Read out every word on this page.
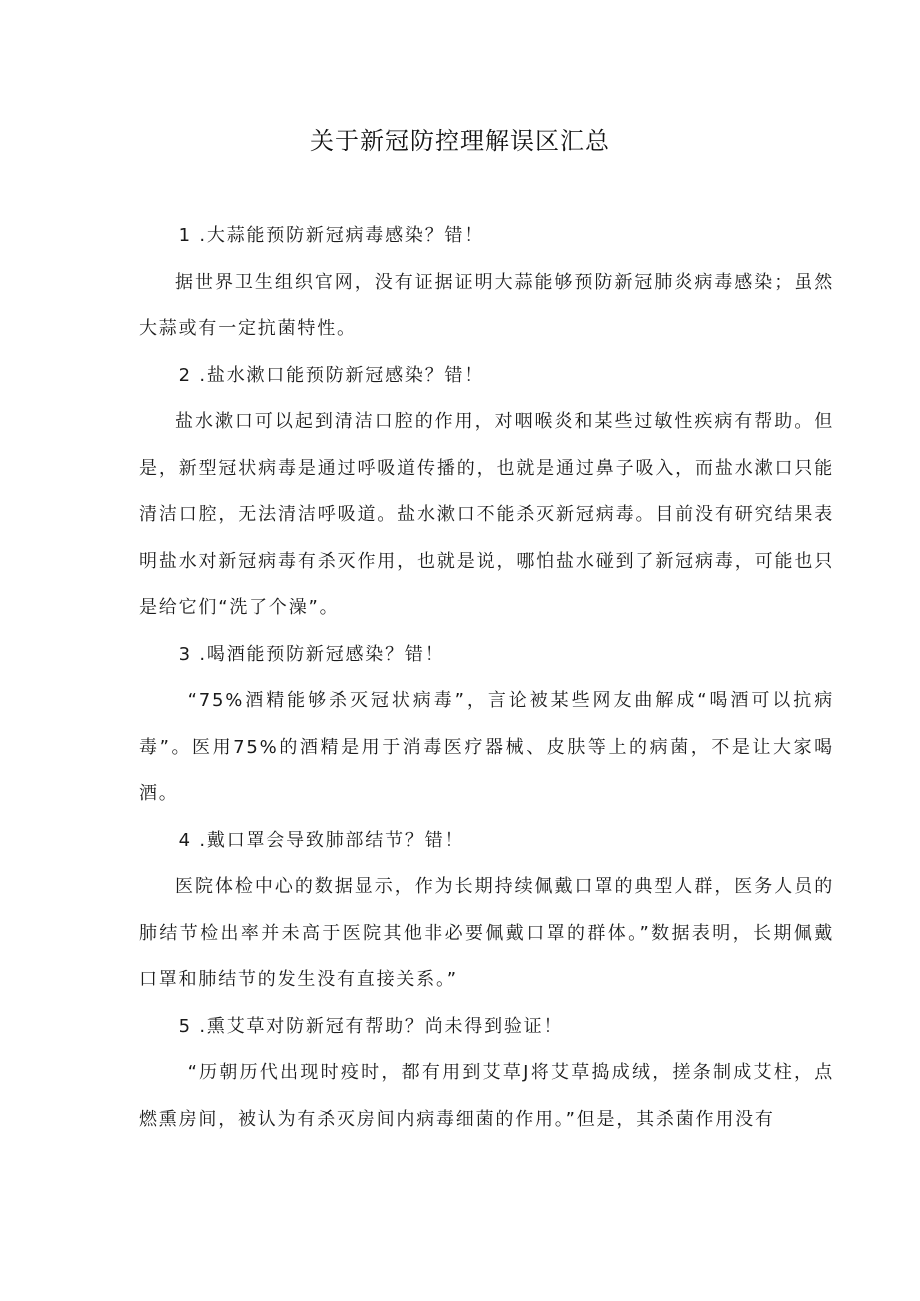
关于新冠防控理解误区汇总

1 .大蒜能预防新冠病毒感染？错！

据世界卫生组织官网，没有证据证明大蒜能够预防新冠肺炎病毒感染；虽然大蒜或有一定抗菌特性。

2 .盐水漱口能预防新冠感染？错！

盐水漱口可以起到清洁口腔的作用，对咽喉炎和某些过敏性疾病有帮助。但是，新型冠状病毒是通过呼吸道传播的，也就是通过鼻子吸入，而盐水漱口只能清洁口腔，无法清洁呼吸道。盐水漱口不能杀灭新冠病毒。目前没有研究结果表明盐水对新冠病毒有杀灭作用，也就是说，哪怕盐水碰到了新冠病毒，可能也只是给它们“洗了个澡”。

3 .喝酒能预防新冠感染？错！

“75%酒精能够杀灭冠状病毒”，言论被某些网友曲解成“喝酒可以抗病毒”。医用75%的酒精是用于消毒医疗器械、皮肤等上的病菌，不是让大家喝酒。

4 .戴口罩会导致肺部结节？错！

医院体检中心的数据显示，作为长期持续佩戴口罩的典型人群，医务人员的肺结节检出率并未高于医院其他非必要佩戴口罩的群体。”数据表明，长期佩戴口罩和肺结节的发生没有直接关系。”

5 .熏艾草对防新冠有帮助？尚未得到验证！

“历朝历代出现时疫时，都有用到艾草J将艾草捣成绒，搓条制成艾柱，点燃熏房间，被认为有杀灭房间内病毒细菌的作用。”但是，其杀菌作用没有
